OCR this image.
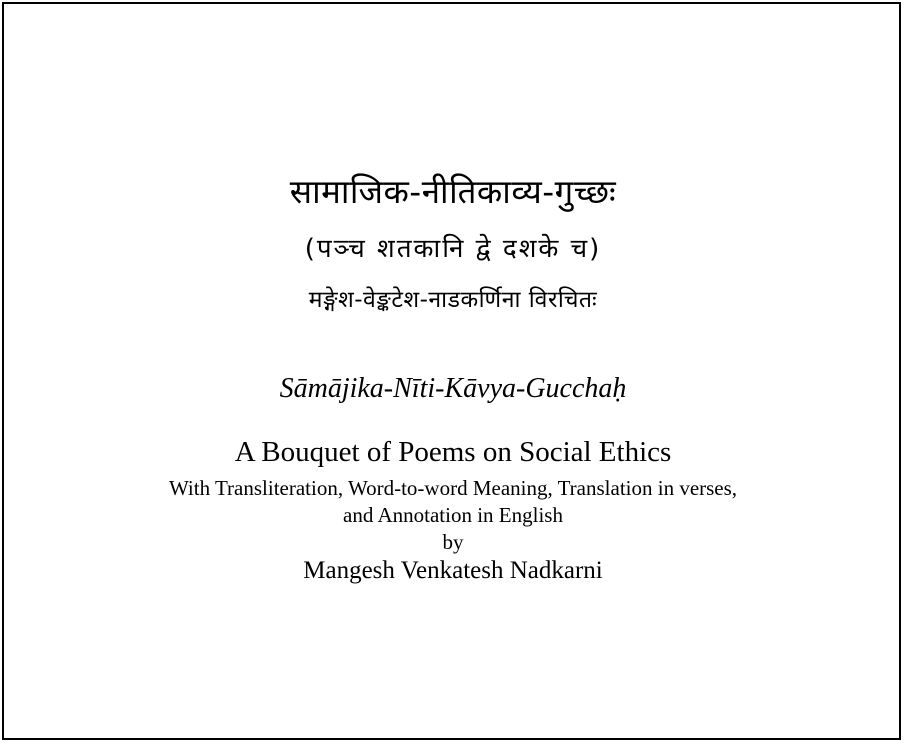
सामाजिक-नीतिकाव्य-गुच्छः
(पञ्च शतकानि द्वे दशके च)
मङ्गेश-वेङ्कटेश-नाडकर्णिना विरचितः
Sāmājika-Nīti-Kāvya-Gucchaḥ
A Bouquet of Poems on Social Ethics
With Transliteration, Word-to-word Meaning, Translation in verses,
and Annotation in English
by
Mangesh Venkatesh Nadkarni
